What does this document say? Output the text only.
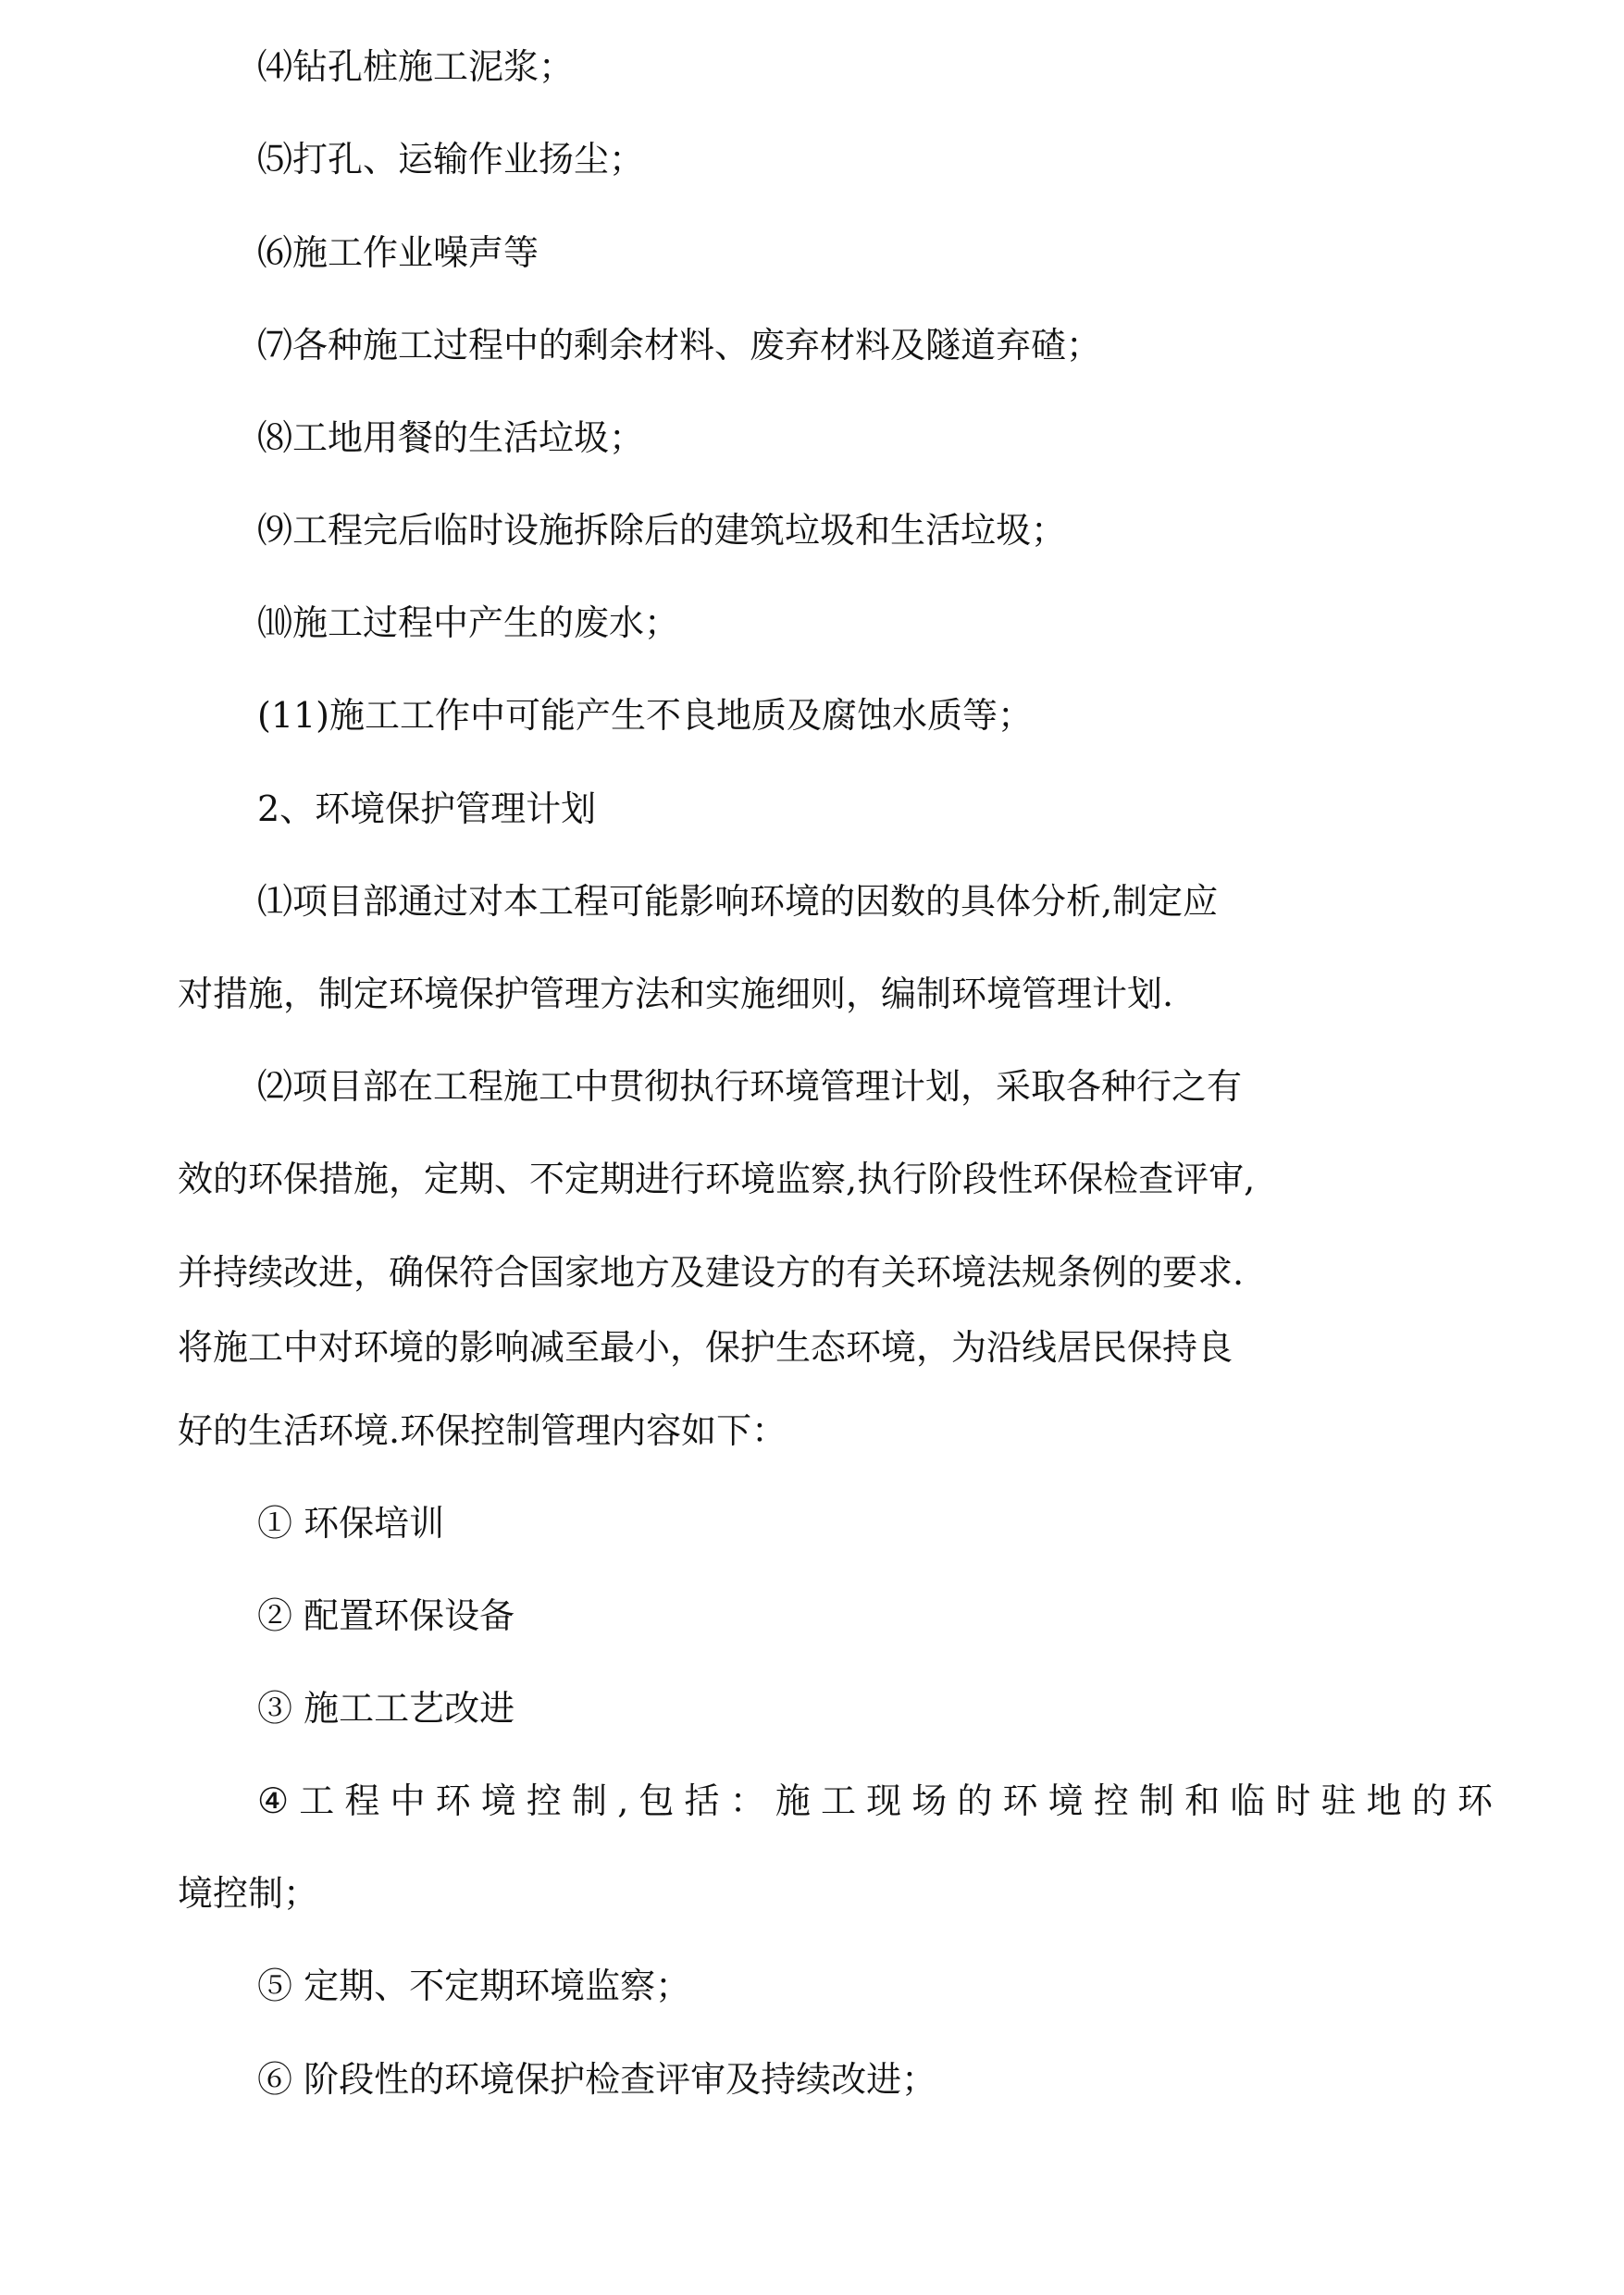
⑷钻孔桩施工泥浆；
⑸打孔、运输作业扬尘；
⑹施工作业噪声等
⑺各种施工过程中的剩余材料、废弃材料及隧道弃碴；
⑻工地用餐的生活垃圾；
⑼工程完后临时设施拆除后的建筑垃圾和生活垃圾；
⑽施工过程中产生的废水；
(11)施工工作中可能产生不良地质及腐蚀水质等；
2、环境保护管理计划
⑴项目部通过对本工程可能影响环境的因数的具体分析,制定应
对措施，制定环境保护管理方法和实施细则，编制环境管理计划.
⑵项目部在工程施工中贯彻执行环境管理计划，采取各种行之有
效的环保措施，定期、不定期进行环境监察,执行阶段性环保检查评审,
并持续改进，确保符合国家地方及建设方的有关环境法规条例的要求.
将施工中对环境的影响减至最小，保护生态环境，为沿线居民保持良
好的生活环境.环保控制管理内容如下：
① 环保培训
② 配置环保设备
③ 施工工艺改进
④ 工 程 中 环 境 控 制 , 包 括 ： 施 工 现 场 的 环 境 控 制 和 临 时 驻 地 的 环
境控制；
⑤ 定期、不定期环境监察；
⑥ 阶段性的环境保护检查评审及持续改进；
